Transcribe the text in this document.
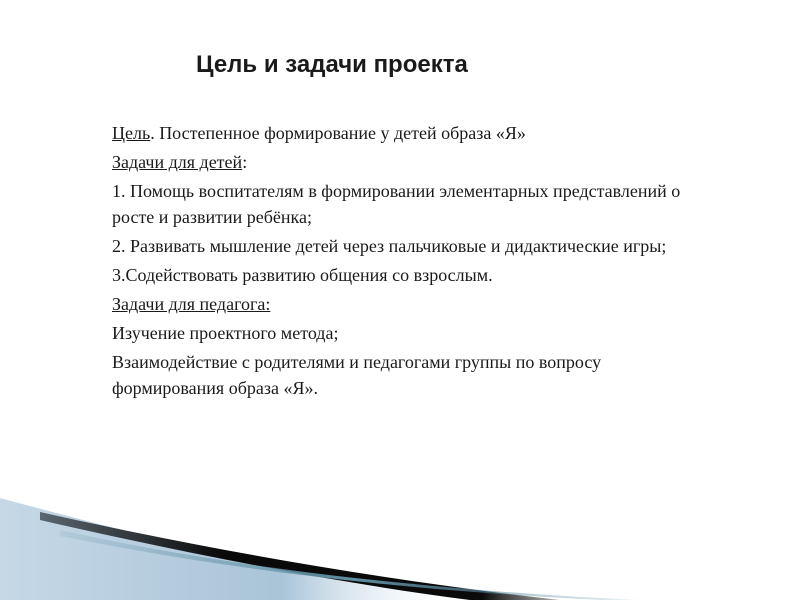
Цель и задачи проекта
Цель. Постепенное формирование у детей образа «Я»
Задачи для детей:
1. Помощь воспитателям в формировании элементарных представлений о росте и развитии ребёнка;
2. Развивать мышление детей через пальчиковые и дидактические игры;
3.Содействовать развитию общения со взрослым.
Задачи для педагога:
Изучение проектного метода;
Взаимодействие с родителями и педагогами группы по вопросу формирования образа «Я».
